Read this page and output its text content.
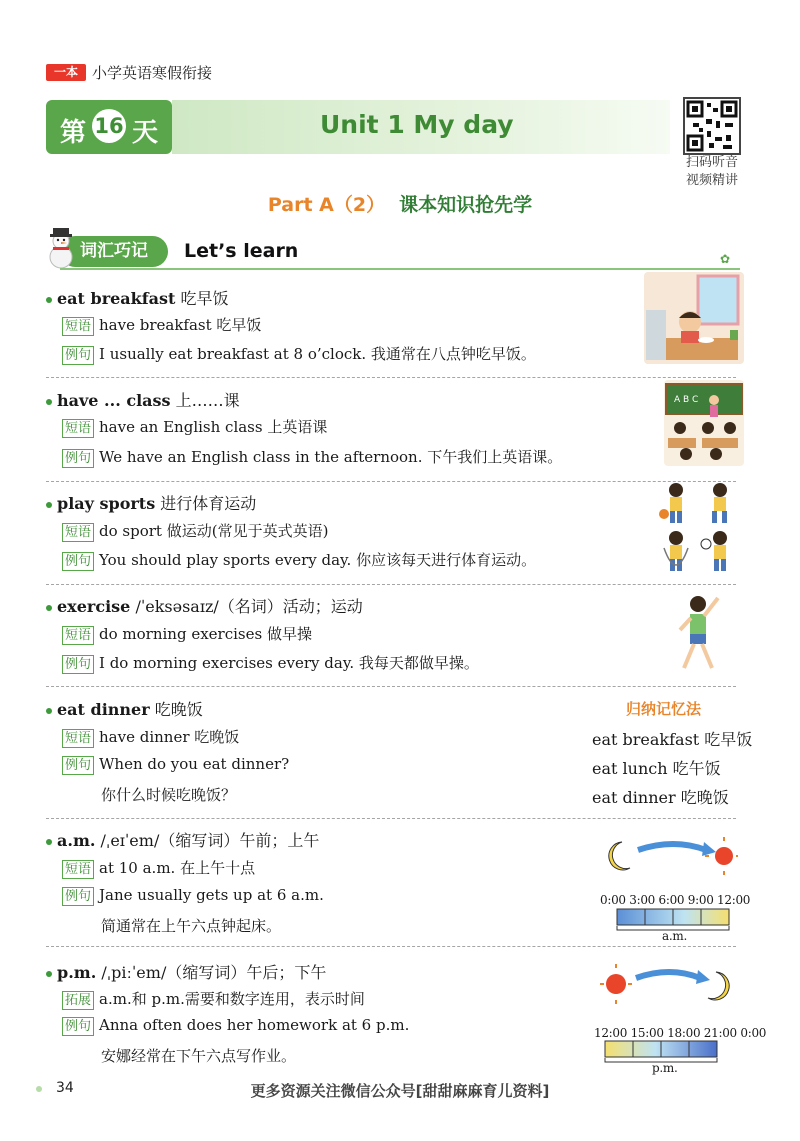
一本 小学英语寒假衔接
第 16 天	Unit 1 My day
扫码听音
视频精讲
Part A（2） 课本知识抢先学
词汇巧记	Let’s learn	✿
eat breakfast 吃早饭
短语 have breakfast 吃早饭
例句 I usually eat breakfast at 8 o’clock. 我通常在八点钟吃早饭。
have ... class 上……课
短语 have an English class 上英语课
例句 We have an English class in the afternoon. 下午我们上英语课。
A B C
play sports 进行体育运动
短语 do sport 做运动(常见于英式英语)
例句 You should play sports every day. 你应该每天进行体育运动。
exercise /ˈeksəsaɪz/（名词）活动；运动
短语 do morning exercises 做早操
例句 I do morning exercises every day. 我每天都做早操。
eat dinner 吃晚饭
短语 have dinner 吃晚饭
例句 When do you eat dinner?
你什么时候吃晚饭？
归纳记忆法
eat breakfast 吃早饭
eat lunch 吃午饭
eat dinner 吃晚饭
a.m. /ˌeɪˈem/（缩写词）午前；上午
短语 at 10 a.m. 在上午十点
例句 Jane usually gets up at 6 a.m.
简通常在上午六点钟起床。
0:00 3:00 6:00 9:00 12:00
a.m.
p.m. /ˌpiːˈem/（缩写词）午后；下午
拓展 a.m.和 p.m.需要和数字连用，表示时间
例句 Anna often does her homework at 6 p.m.
安娜经常在下午六点写作业。
12:00 15:00 18:00 21:00 0:00
p.m.
34	更多资源关注微信公众号[甜甜麻麻育儿资料]
